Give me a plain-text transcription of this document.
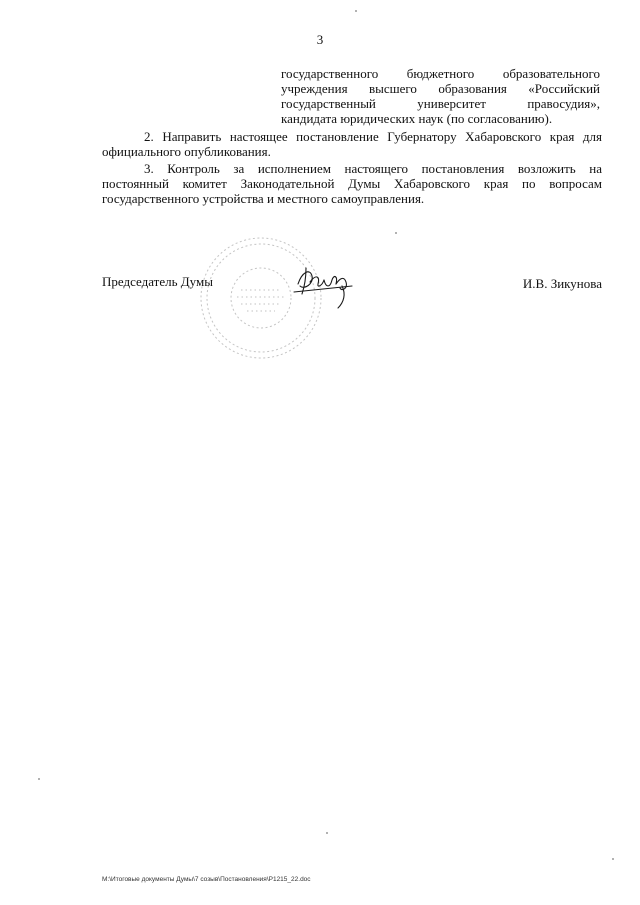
3
государственного бюджетного образовательного
учреждения высшего образования «Российский
государственный университет правосудия»,
кандидата юридических наук (по согласованию).
2. Направить настоящее постановление Губернатору Хабаровского края для
официального опубликования.
3. Контроль за исполнением настоящего постановления возложить на
постоянный комитет Законодательной Думы Хабаровского края по вопросам
государственного устройства и местного самоуправления.
Председатель Думы	И.В. Зикунова
M:\Итоговые документы Думы\7 созыв\Постановления\P1215_22.doc
